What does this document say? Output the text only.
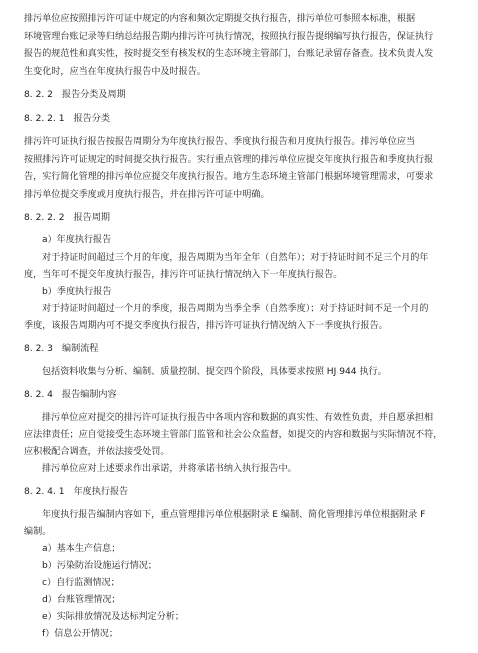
排污单位应按照排污许可证中规定的内容和频次定期提交执行报告，排污单位可参照本标准，根据
环境管理台账记录等归纳总结报告期内排污许可执行情况，按照执行报告提纲编写执行报告，保证执行
报告的规范性和真实性，按时提交至有核发权的生态环境主管部门，台账记录留存备查。技术负责人发
生变化时，应当在年度执行报告中及时报告。
8. 2. 2　报告分类及周期
8. 2. 2. 1　报告分类
排污许可证执行报告按报告周期分为年度执行报告、季度执行报告和月度执行报告。排污单位应当
按照排污许可证规定的时间提交执行报告。实行重点管理的排污单位应提交年度执行报告和季度执行报
告，实行简化管理的排污单位应提交年度执行报告。地方生态环境主管部门根据环境管理需求，可要求
排污单位提交季度或月度执行报告，并在排污许可证中明确。
8. 2. 2. 2　报告周期
a）年度执行报告
对于持证时间超过三个月的年度，报告周期为当年全年（自然年）；对于持证时间不足三个月的年
度，当年可不提交年度执行报告，排污许可证执行情况纳入下一年度执行报告。
b）季度执行报告
对于持证时间超过一个月的季度，报告周期为当季全季（自然季度）；对于持证时间不足一个月的
季度，该报告周期内可不提交季度执行报告，排污许可证执行情况纳入下一季度执行报告。
8. 2. 3　编制流程
包括资料收集与分析、编制、质量控制、提交四个阶段，具体要求按照 HJ 944 执行。
8. 2. 4　报告编制内容
排污单位应对提交的排污许可证执行报告中各项内容和数据的真实性、有效性负责，并自愿承担相
应法律责任；应自觉接受生态环境主管部门监管和社会公众监督，如提交的内容和数据与实际情况不符，
应积极配合调查，并依法接受处罚。
排污单位应对上述要求作出承诺，并将承诺书纳入执行报告中。
8. 2. 4. 1　年度执行报告
年度执行报告编制内容如下，重点管理排污单位根据附录 E 编制、简化管理排污单位根据附录 F
编制。
a）基本生产信息；
b）污染防治设施运行情况；
c）自行监测情况；
d）台账管理情况；
e）实际排放情况及达标判定分析；
f）信息公开情况；
